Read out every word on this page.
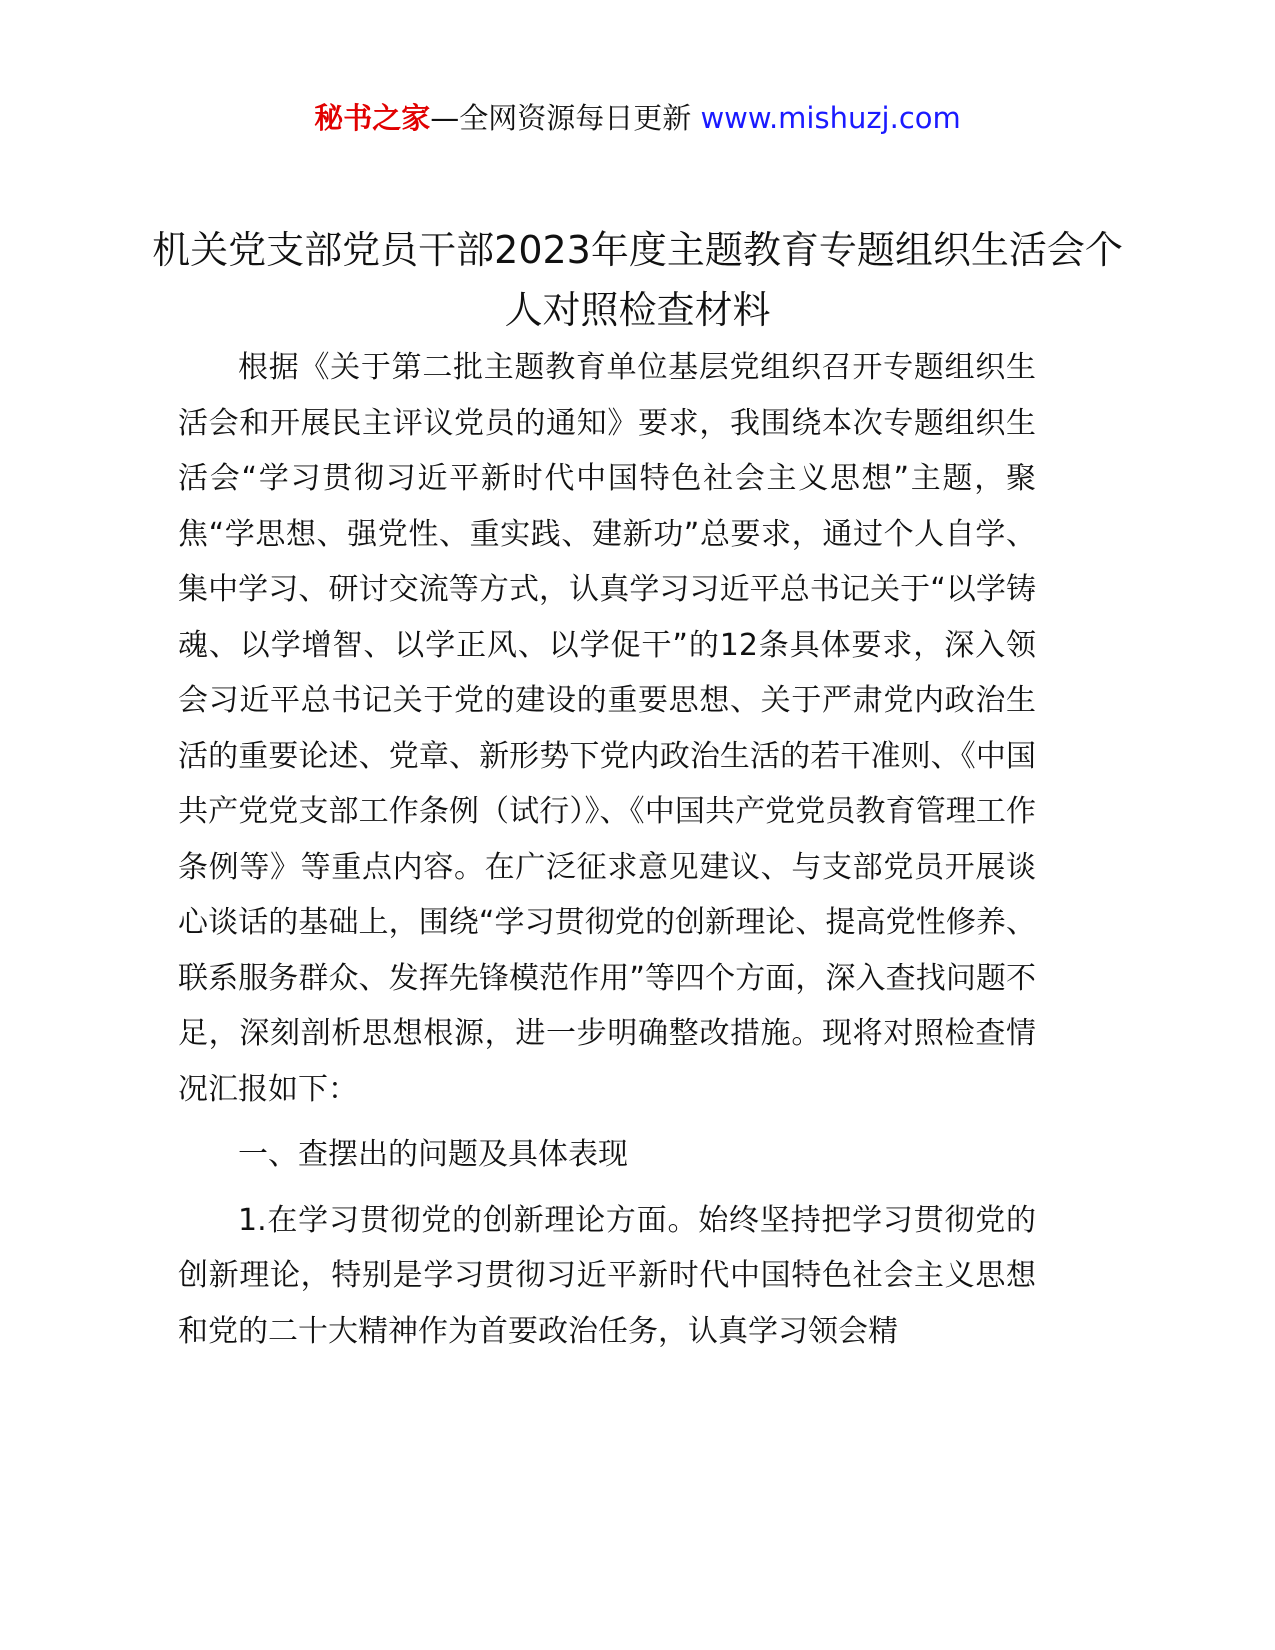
秘书之家—全网资源每日更新 www.mishuzj.com
机关党支部党员干部2023年度主题教育专题组织生活会个人对照检查材料

根据《关于第二批主题教育单位基层党组织召开专题组织生活会和开展民主评议党员的通知》要求，我围绕本次专题组织生活会“学习贯彻习近平新时代中国特色社会主义思想”主题，聚焦“学思想、强党性、重实践、建新功”总要求，通过个人自学、集中学习、研讨交流等方式，认真学习习近平总书记关于“以学铸魂、以学增智、以学正风、以学促干”的12条具体要求，深入领会习近平总书记关于党的建设的重要思想、关于严肃党内政治生活的重要论述、党章、新形势下党内政治生活的若干准则、《中国共产党党支部工作条例（试行）》、《中国共产党党员教育管理工作条例等》等重点内容。在广泛征求意见建议、与支部党员开展谈心谈话的基础上，围绕“学习贯彻党的创新理论、提高党性修养、联系服务群众、发挥先锋模范作用”等四个方面，深入查找问题不足，深刻剖析思想根源，进一步明确整改措施。现将对照检查情况汇报如下：

一、查摆出的问题及具体表现

1.在学习贯彻党的创新理论方面。始终坚持把学习贯彻党的创新理论，特别是学习贯彻习近平新时代中国特色社会主义思想和党的二十大精神作为首要政治任务，认真学习领会精
